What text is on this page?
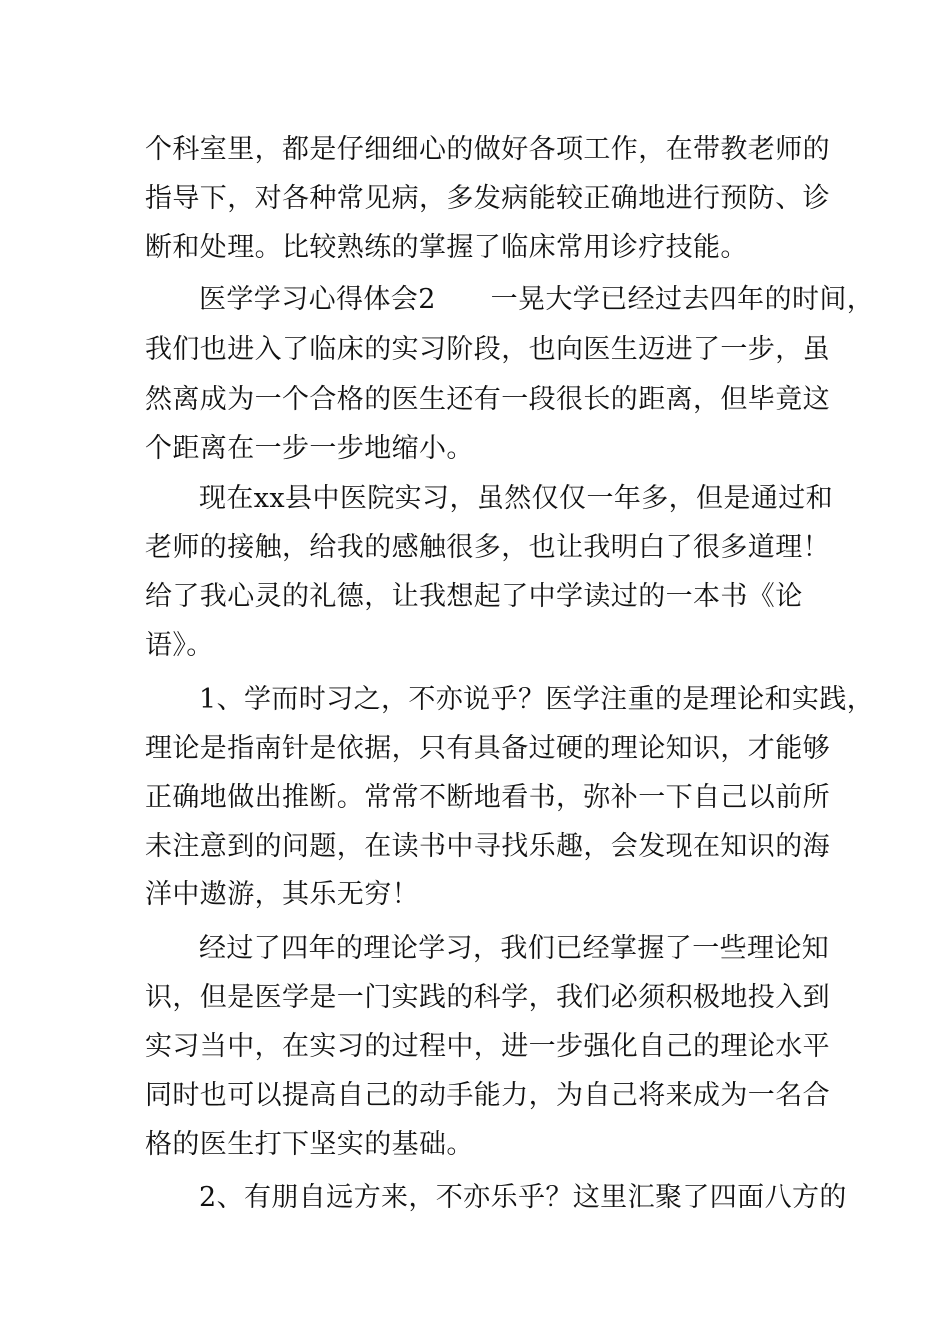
个科室里，都是仔细细心的做好各项工作，在带教老师的
指导下，对各种常见病，多发病能较正确地进行预防、诊
断和处理。比较熟练的掌握了临床常用诊疗技能。
医学学习心得体会2　　一晃大学已经过去四年的时间，
我们也进入了临床的实习阶段，也向医生迈进了一步，虽
然离成为一个合格的医生还有一段很长的距离，但毕竟这
个距离在一步一步地缩小。
现在xx县中医院实习，虽然仅仅一年多，但是通过和
老师的接触，给我的感触很多，也让我明白了很多道理！
给了我心灵的礼德，让我想起了中学读过的一本书《论
语》。
1、学而时习之，不亦说乎？医学注重的是理论和实践，
理论是指南针是依据，只有具备过硬的理论知识，才能够
正确地做出推断。常常不断地看书，弥补一下自己以前所
未注意到的问题，在读书中寻找乐趣，会发现在知识的海
洋中遨游，其乐无穷！
经过了四年的理论学习，我们已经掌握了一些理论知
识，但是医学是一门实践的科学，我们必须积极地投入到
实习当中，在实习的过程中，进一步强化自己的理论水平
同时也可以提高自己的动手能力，为自己将来成为一名合
格的医生打下坚实的基础。
2、有朋自远方来，不亦乐乎？这里汇聚了四面八方的
